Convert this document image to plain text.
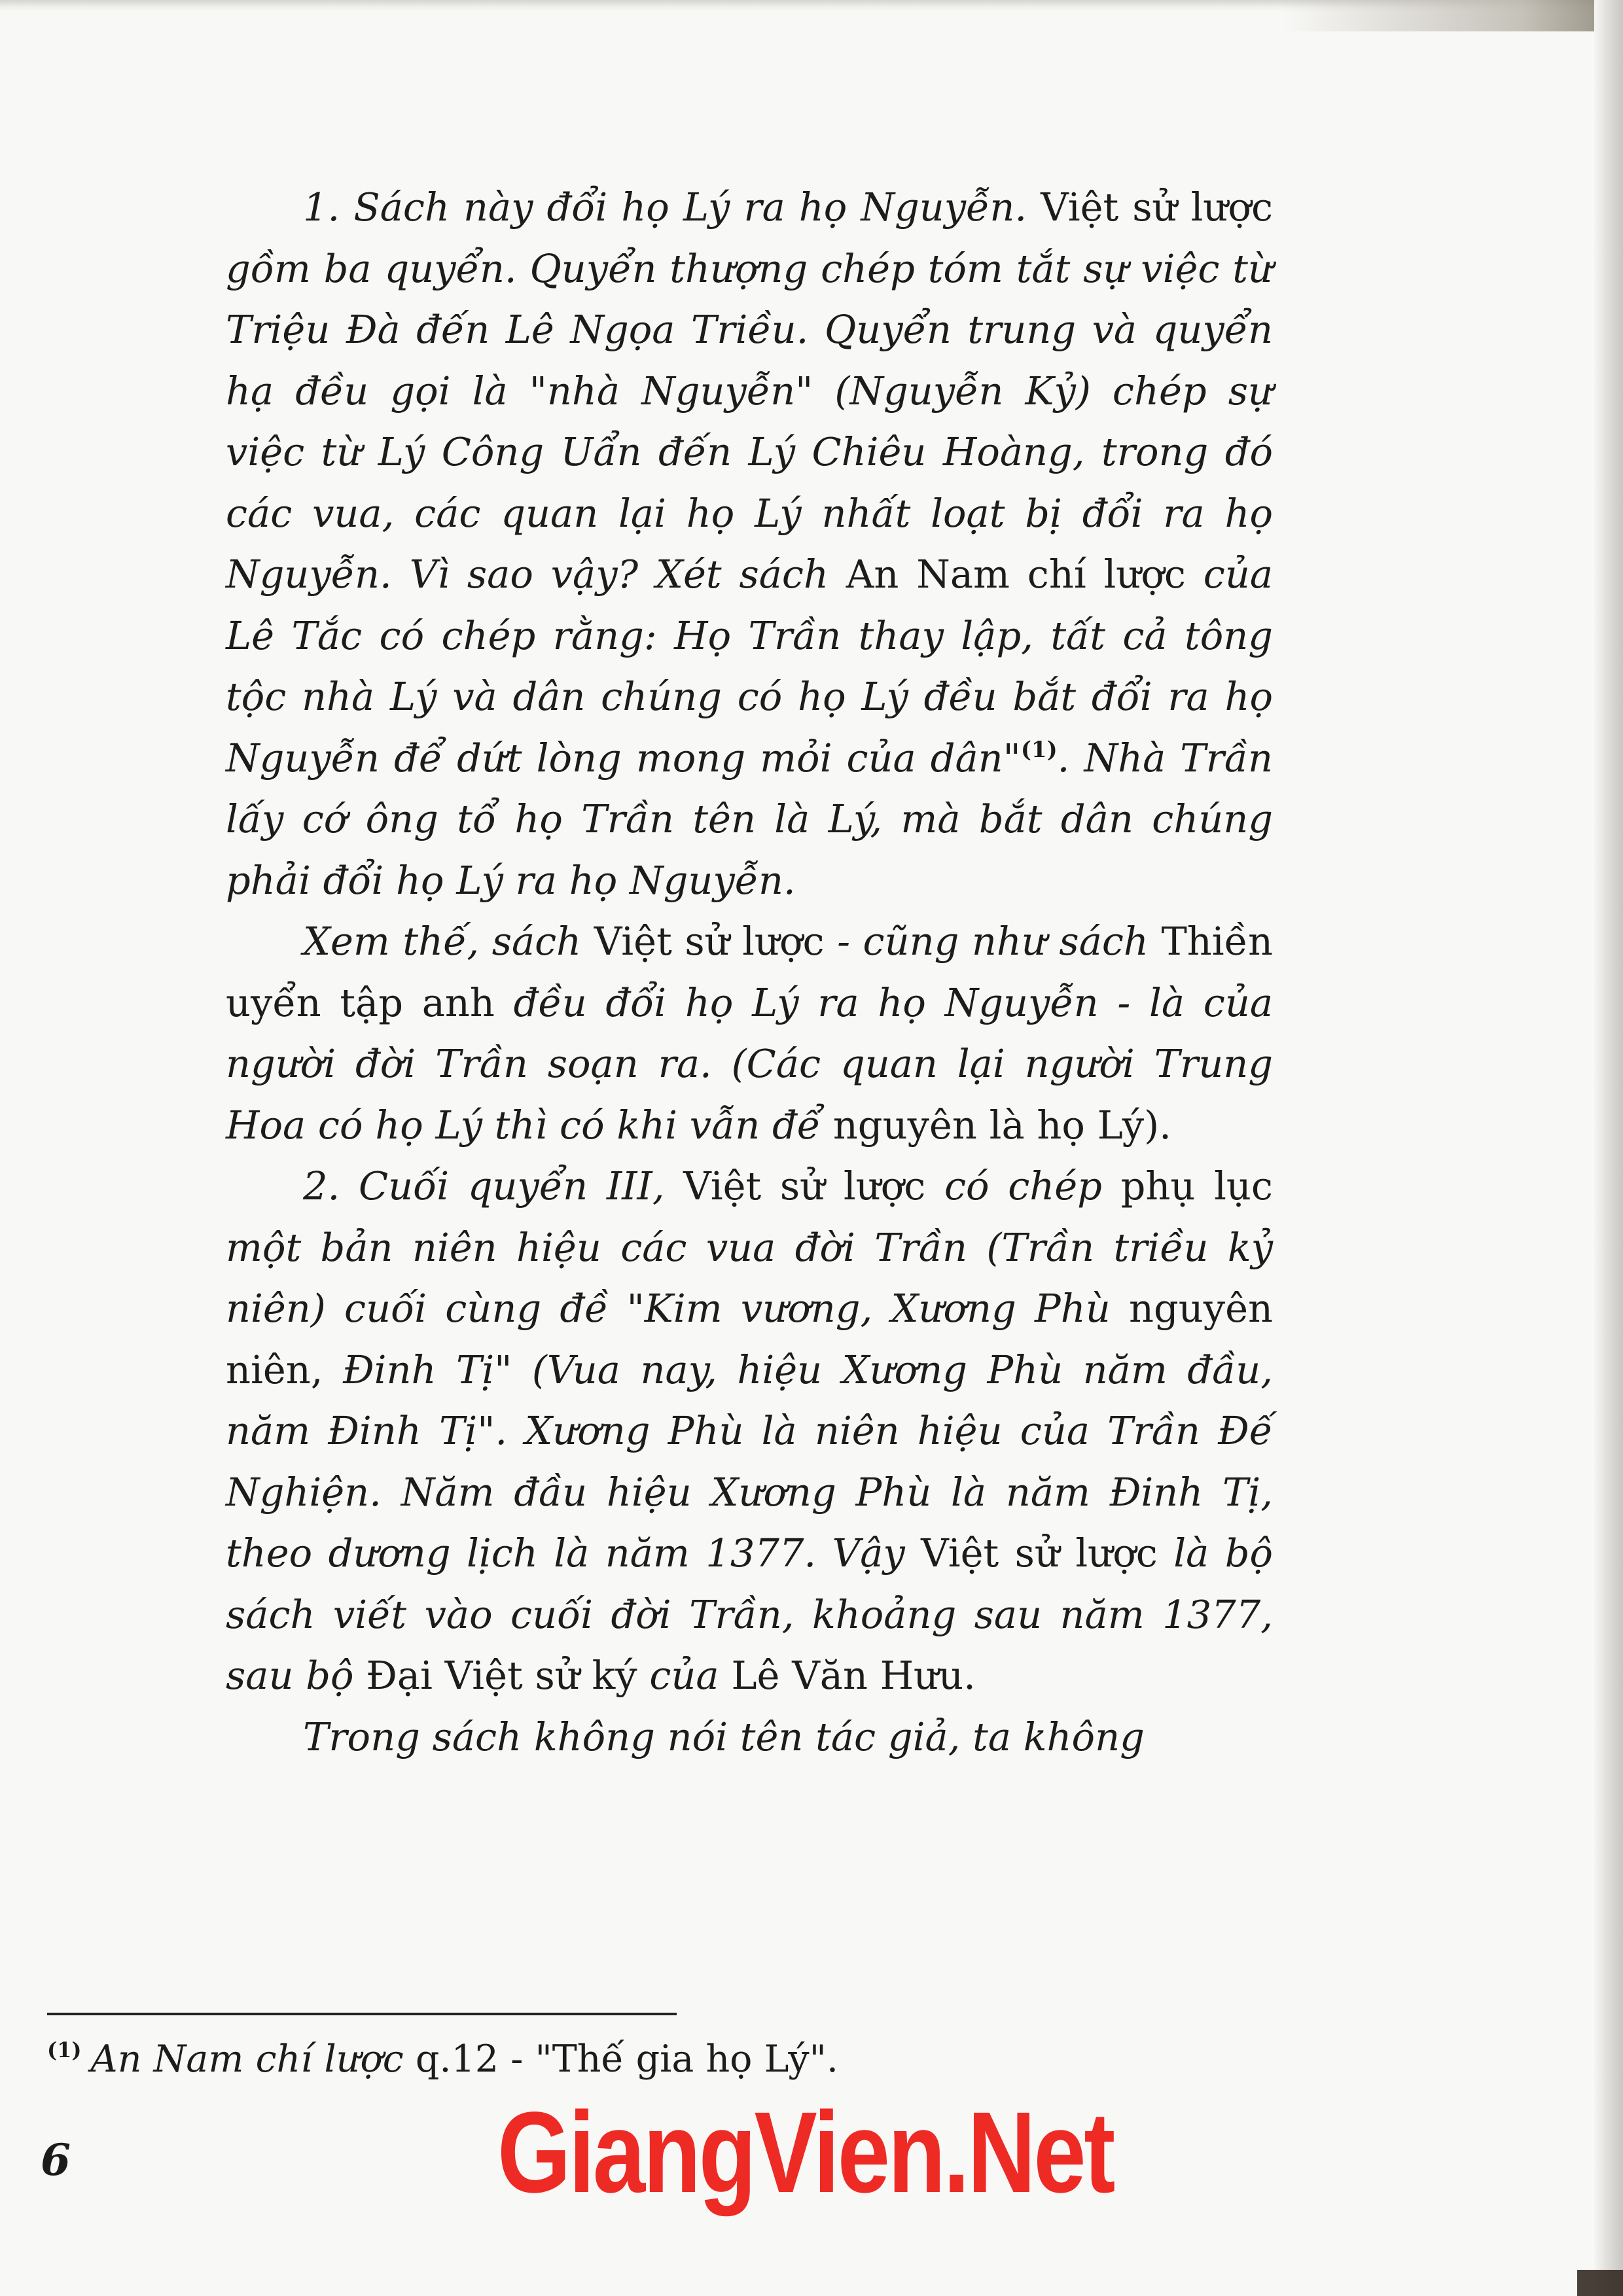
1. Sách này đổi họ Lý ra họ Nguyễn. Việt sử lược gồm ba quyển. Quyển thượng chép tóm tắt sự việc từ Triệu Đà đến Lê Ngọa Triều. Quyển trung và quyển hạ đều gọi là "nhà Nguyễn" (Nguyễn Kỷ) chép sự việc từ Lý Công Uẩn đến Lý Chiêu Hoàng, trong đó các vua, các quan lại họ Lý nhất loạt bị đổi ra họ Nguyễn. Vì sao vậy? Xét sách An Nam chí lược của Lê Tắc có chép rằng: Họ Trần thay lập, tất cả tông tộc nhà Lý và dân chúng có họ Lý đều bắt đổi ra họ Nguyễn để dứt lòng mong mỏi của dân"$^{(1)}$. Nhà Trần lấy cớ ông tổ họ Trần tên là Lý, mà bắt dân chúng phải đổi họ Lý ra họ Nguyễn.

Xem thế, sách Việt sử lược - cũng như sách Thiền uyển tập anh đều đổi họ Lý ra họ Nguyễn - là của người đời Trần soạn ra. (Các quan lại người Trung Hoa có họ Lý thì có khi vẫn để nguyên là họ Lý).

2. Cuối quyển III, Việt sử lược có chép phụ lục một bản niên hiệu các vua đời Trần (Trần triều kỷ niên) cuối cùng đề "Kim vương, Xương Phù nguyên niên, Đinh Tị" (Vua nay, hiệu Xương Phù năm đầu, năm Đinh Tị". Xương Phù là niên hiệu của Trần Đế Nghiện. Năm đầu hiệu Xương Phù là năm Đinh Tị, theo dương lịch là năm 1377. Vậy Việt sử lược là bộ sách viết vào cuối đời Trần, khoảng sau năm 1377, sau bộ Đại Việt sử ký của Lê Văn Hưu.

Trong sách không nói tên tác giả, ta không

$^{(1)}$ An Nam chí lược q.12 - "Thế gia họ Lý".
6	GiangVien.Net
